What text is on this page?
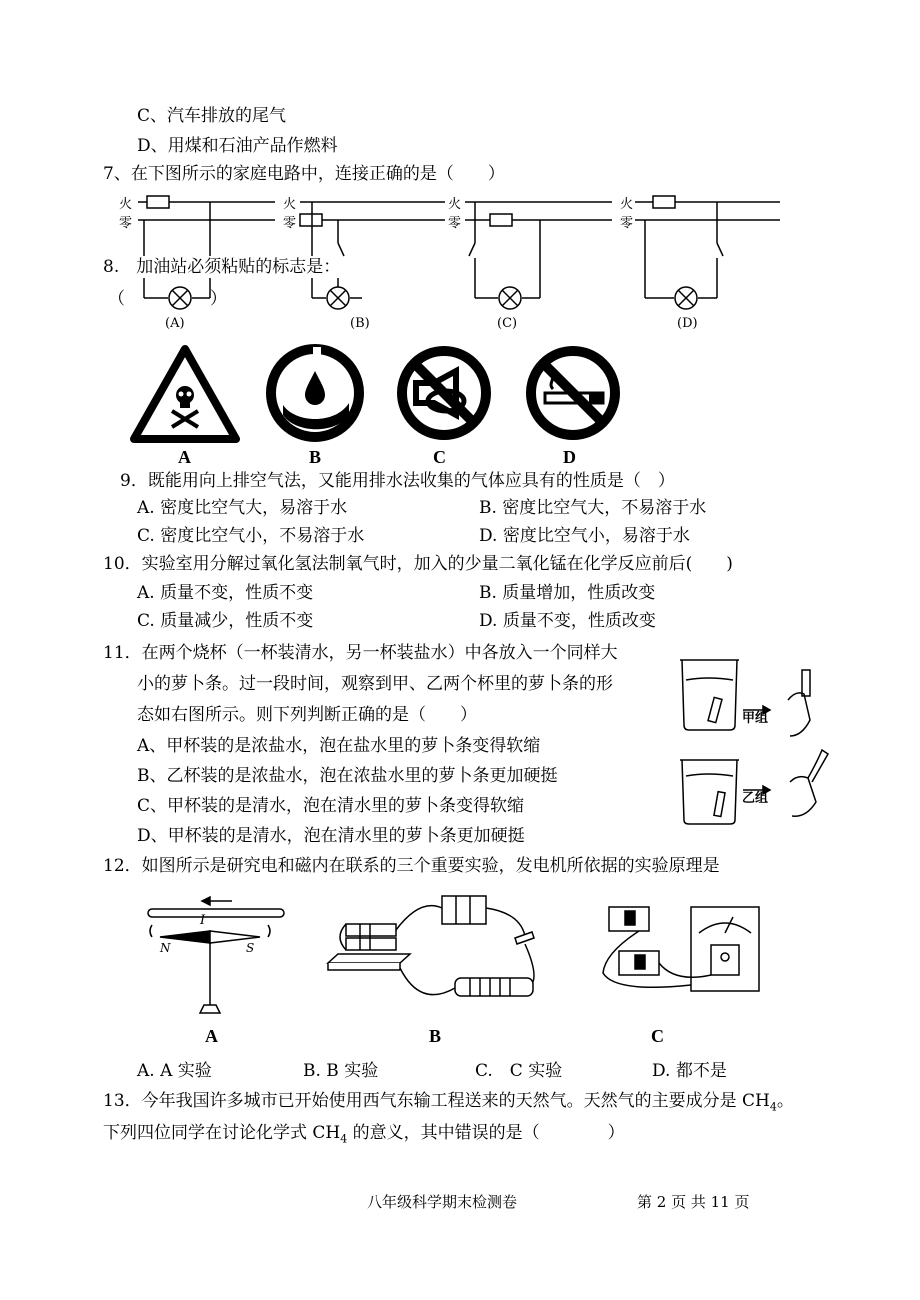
C、汽车排放的尾气
D、用煤和石油产品作燃料
7、在下图所示的家庭电路中，连接正确的是（　　）
火
零
火
零
火
零
火
零
(A)	(B)	(C)	(D)
8.　加油站必须粘贴的标志是：
（　　　　　）
A	B	C	D
9．既能用向上排空气法，又能用排水法收集的气体应具有的性质是（　）
A. 密度比空气大，易溶于水	B. 密度比空气大，不易溶于水
C. 密度比空气小，不易溶于水	D. 密度比空气小，易溶于水
10．实验室用分解过氧化氢法制氧气时，加入的少量二氧化锰在化学反应前后(　　)
A. 质量不变，性质不变	B. 质量增加，性质改变
C. 质量减少，性质不变	D. 质量不变，性质改变
11．在两个烧杯（一杯装清水，另一杯装盐水）中各放入一个同样大
小的萝卜条。过一段时间，观察到甲、乙两个杯里的萝卜条的形
态如右图所示。则下列判断正确的是（　　）
A、甲杯装的是浓盐水，泡在盐水里的萝卜条变得软缩
B、乙杯装的是浓盐水，泡在浓盐水里的萝卜条更加硬挺
C、甲杯装的是清水，泡在清水里的萝卜条变得软缩
D、甲杯装的是清水，泡在清水里的萝卜条更加硬挺
甲组
乙组
12．如图所示是研究电和磁内在联系的三个重要实验，发电机所依据的实验原理是
I
N	S
A	B	C
A. A 实验	B. B 实验	C.　C 实验	D. 都不是
13．今年我国许多城市已开始使用西气东输工程送来的天然气。天然气的主要成分是 $CH_4$。
下列四位同学在讨论化学式 $CH_4$ 的意义，其中错误的是（　　　　）
八年级科学期末检测卷	第 2 页 共 11 页
